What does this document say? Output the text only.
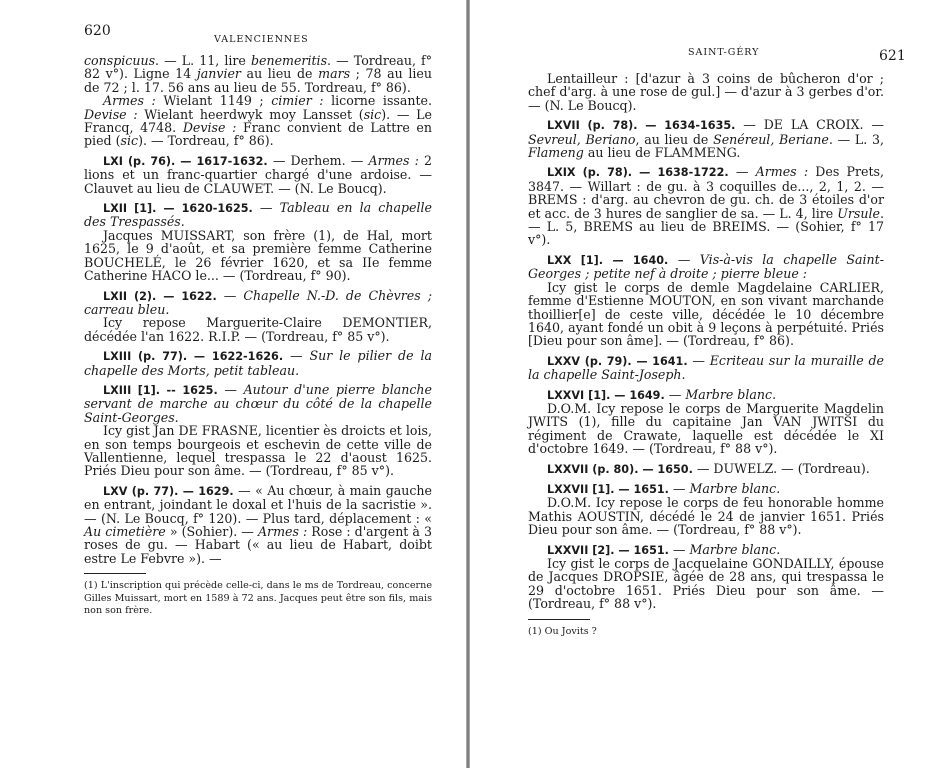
620
VALENCIENNES

conspicuus. — L. 11, lire benemeritis. — Tordreau, f° 82 v°). Ligne 14 janvier au lieu de mars ; 78 au lieu de 72 ; l. 17. 56 ans au lieu de 55. Tordreau, f° 86).

Armes : Wielant 1149 ; cimier : licorne issante. Devise : Wielant heerdwyk moy Lansset (sic). — Le Francq, 4748. Devise : Franc convient de Lattre en pied (sic). — Tordreau, f° 86).

LXI (p. 76). — 1617-1632. — Derhem. — Armes : 2 lions et un franc-quartier chargé d'une ardoise. — Clauvet au lieu de CLAUWET. — (N. Le Boucq).

LXII [1]. — 1620-1625. — Tableau en la chapelle des Trespassés.

Jacques MUISSART, son frère (1), de Hal, mort 1625, le 9 d'août, et sa première femme Catherine BOUCHELÉ, le 26 février 1620, et sa IIe femme Catherine HACO le... — (Tordreau, f° 90).

LXII (2). — 1622. — Chapelle N.-D. de Chèvres ; carreau bleu.

Icy repose Marguerite-Claire DEMONTIER, décédée l'an 1622. R.I.P. — (Tordreau, f° 85 v°).

LXIII (p. 77). — 1622-1626. — Sur le pilier de la chapelle des Morts, petit tableau.

LXIII [1]. -- 1625. — Autour d'une pierre blanche servant de marche au chœur du côté de la chapelle Saint-Georges.

Icy gist Jan DE FRASNE, licentier ès droicts et lois, en son temps bourgeois et eschevin de cette ville de Vallentienne, lequel trespassa le 22 d'aoust 1625. Priés Dieu pour son âme. — (Tordreau, f° 85 v°).

LXV (p. 77). — 1629. — « Au chœur, à main gauche en entrant, joindant le doxal et l'huis de la sacristie ». — (N. Le Boucq, f° 120). — Plus tard, déplacement : « Au cimetière » (Sohier). — Armes : Rose : d'argent à 3 roses de gu. — Habart (« au lieu de Habart, doibt estre Le Febvre »). —

(1) L'inscription qui précède celle-ci, dans le ms de Tordreau, concerne Gilles Muissart, mort en 1589 à 72 ans. Jacques peut être son fils, mais non son frère.

SAINT-GÉRY	621

Lentailleur : [d'azur à 3 coins de bûcheron d'or ; chef d'arg. à une rose de gul.] — d'azur à 3 gerbes d'or. — (N. Le Boucq).

LXVII (p. 78). — 1634-1635. — DE LA CROIX. — Sevreul, Beriano, au lieu de Senéreul, Beriane. — L. 3, Flameng au lieu de FLAMMENG.

LXIX (p. 78). — 1638-1722. — Armes : Des Prets, 3847. — Willart : de gu. à 3 coquilles de..., 2, 1, 2. — BREMS : d'arg. au chevron de gu. ch. de 3 étoiles d'or et acc. de 3 hures de sanglier de sa. — L. 4, lire Ursule. — L. 5, BREMS au lieu de BREIMS. — (Sohier, f° 17 v°).

LXX [1]. — 1640. — Vis-à-vis la chapelle Saint-Georges ; petite nef à droite ; pierre bleue :

Icy gist le corps de demle Magdelaine CARLIER, femme d'Estienne MOUTON, en son vivant marchande thoillier[e] de ceste ville, décédée le 10 décembre 1640, ayant fondé un obit à 9 leçons à perpétuité. Priés [Dieu pour son âme]. — (Tordreau, f° 86).

LXXV (p. 79). — 1641. — Ecriteau sur la muraille de la chapelle Saint-Joseph.

LXXVI [1]. — 1649. — Marbre blanc.

D.O.M. Icy repose le corps de Marguerite Magdelin JWITS (1), fille du capitaine Jan VAN JWITSI du régiment de Crawate, laquelle est décédée le XI d'octobre 1649. — (Tordreau, f° 88 v°).

LXXVII (p. 80). — 1650. — DUWELZ. — (Tordreau).

LXXVII [1]. — 1651. — Marbre blanc.

D.O.M. Icy repose le corps de feu honorable homme Mathis AOUSTIN, décédé le 24 de janvier 1651. Priés Dieu pour son âme. — (Tordreau, f° 88 v°).

LXXVII [2]. — 1651. — Marbre blanc.

Icy gist le corps de Jacquelaine GONDAILLY, épouse de Jacques DROPSIE, âgée de 28 ans, qui trespassa le 29 d'octobre 1651. Priés Dieu pour son âme. — (Tordreau, f° 88 v°).

(1) Ou Jovits ?
